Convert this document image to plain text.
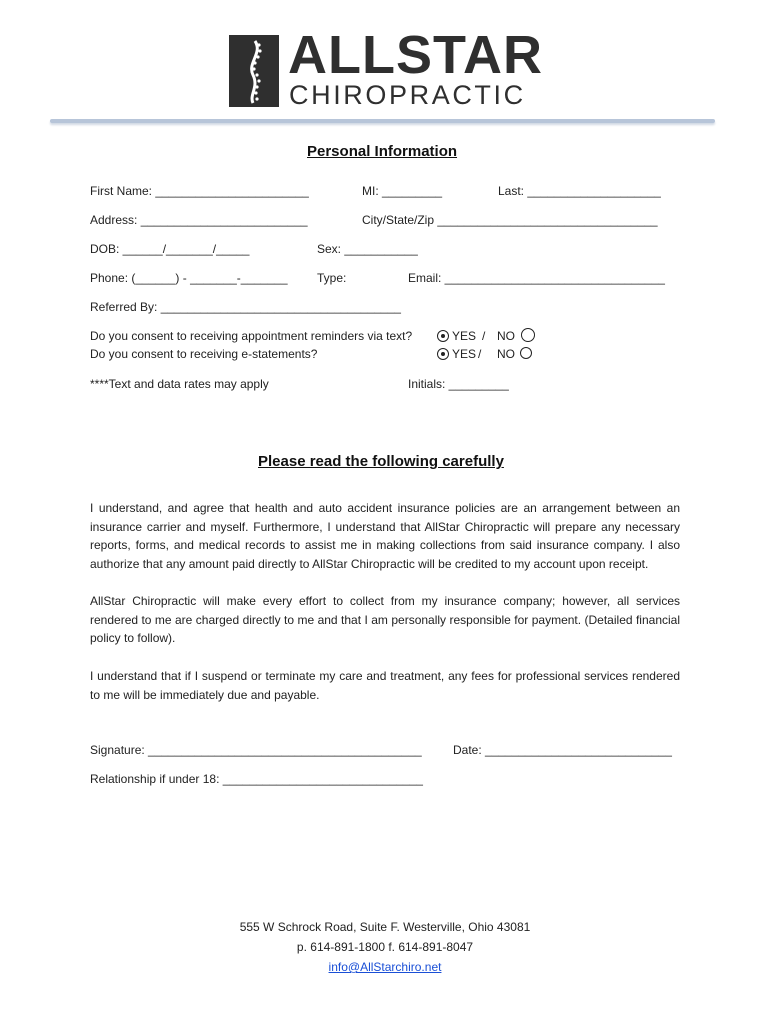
ALLSTAR
CHIROPRACTIC
Personal Information
First Name: _______________________	MI: _________	Last: ____________________
Address: _________________________	City/State/Zip _________________________________
DOB: ______/_______/_____	Sex: ___________
Phone: (______) - _______-_______ Type:	Email: _________________________________
Referred By: ____________________________________
Do you consent to receiving appointment reminders via text?	YES / NO
Do you consent to receiving e-statements?	YES / NO
****Text and data rates may apply	Initials: _________
Please read the following carefully
I understand, and agree that health and auto accident insurance policies are an arrangement between an insurance carrier and myself. Furthermore, I understand that AllStar Chiropractic will prepare any necessary reports, forms, and medical records to assist me in making collections from said insurance company. I also authorize that any amount paid directly to AllStar Chiropractic will be credited to my account upon receipt.
AllStar Chiropractic will make every effort to collect from my insurance company; however, all services rendered to me are charged directly to me and that I am personally responsible for payment. (Detailed financial policy to follow).
I understand that if I suspend or terminate my care and treatment, any fees for professional services rendered to me will be immediately due and payable.
Signature: _________________________________________	Date: ____________________________
Relationship if under 18: ______________________________
555 W Schrock Road, Suite F. Westerville, Ohio 43081
p. 614-891-1800 f. 614-891-8047
info@AllStarchiro.net
